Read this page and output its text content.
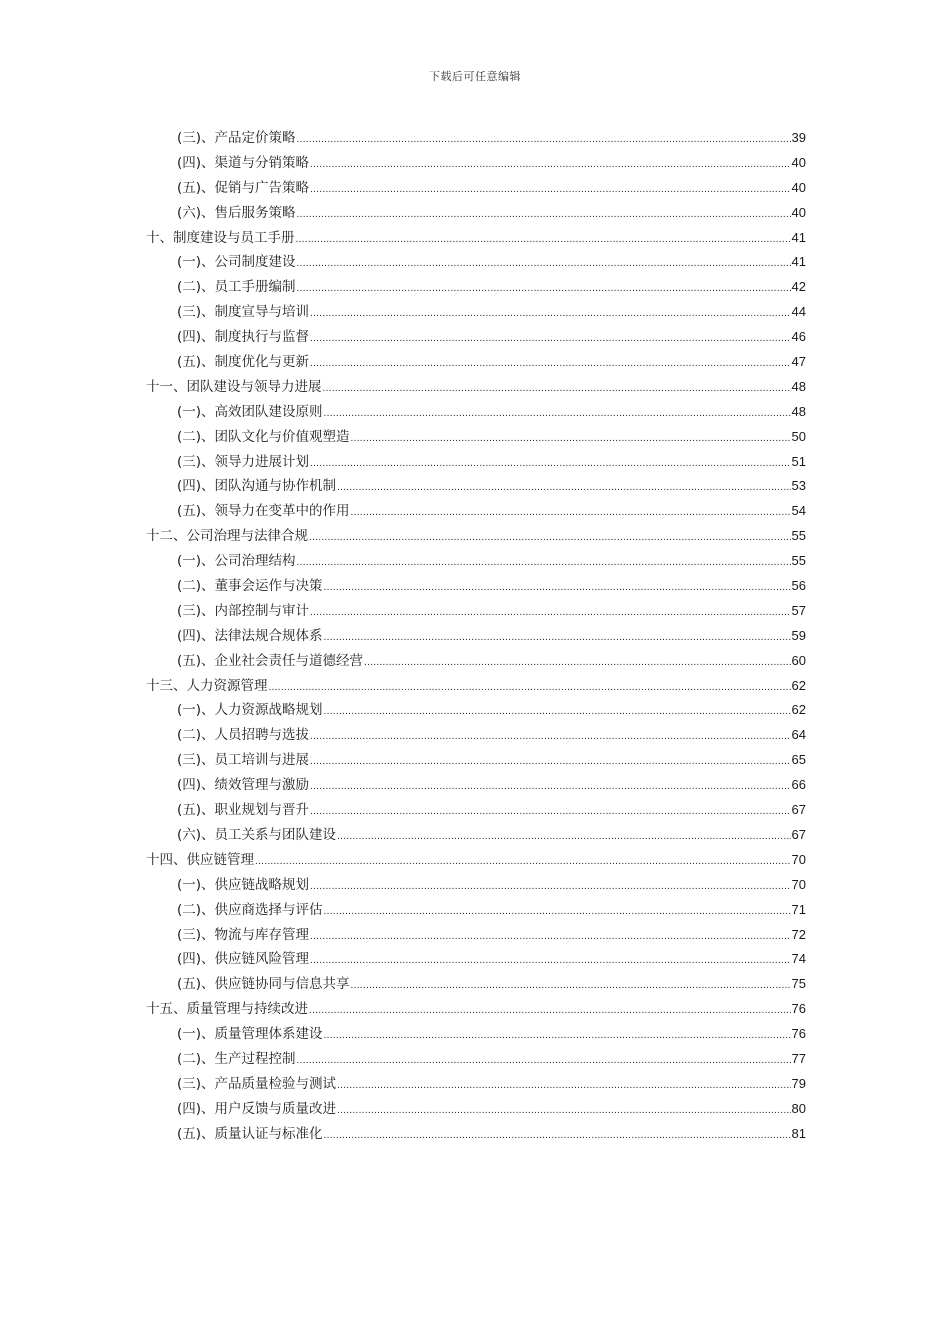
下载后可任意编辑
(三)、产品定价策略 .....	39
(四)、渠道与分销策略 .....	40
(五)、促销与广告策略 .....	40
(六)、售后服务策略 .....	40
十、制度建设与员工手册 .....	41
(一)、公司制度建设 .....	41
(二)、员工手册编制 .....	42
(三)、制度宣导与培训 .....	44
(四)、制度执行与监督 .....	46
(五)、制度优化与更新 .....	47
十一、团队建设与领导力进展 .....	48
(一)、高效团队建设原则 .....	48
(二)、团队文化与价值观塑造 .....	50
(三)、领导力进展计划 .....	51
(四)、团队沟通与协作机制 .....	53
(五)、领导力在变革中的作用 .....	54
十二、公司治理与法律合规 .....	55
(一)、公司治理结构 .....	55
(二)、董事会运作与决策 .....	56
(三)、内部控制与审计 .....	57
(四)、法律法规合规体系 .....	59
(五)、企业社会责任与道德经营 .....	60
十三、人力资源管理 .....	62
(一)、人力资源战略规划 .....	62
(二)、人员招聘与选拔 .....	64
(三)、员工培训与进展 .....	65
(四)、绩效管理与激励 .....	66
(五)、职业规划与晋升 .....	67
(六)、员工关系与团队建设 .....	67
十四、供应链管理 .....	70
(一)、供应链战略规划 .....	70
(二)、供应商选择与评估 .....	71
(三)、物流与库存管理 .....	72
(四)、供应链风险管理 .....	74
(五)、供应链协同与信息共享 .....	75
十五、质量管理与持续改进 .....	76
(一)、质量管理体系建设 .....	76
(二)、生产过程控制 .....	77
(三)、产品质量检验与测试 .....	79
(四)、用户反馈与质量改进 .....	80
(五)、质量认证与标准化 .....	81
